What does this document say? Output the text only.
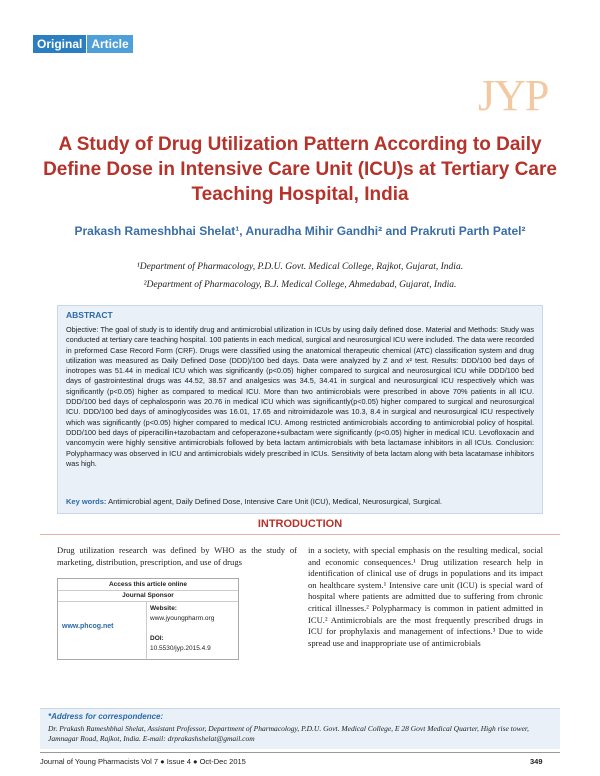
Original Article
JYP
A Study of Drug Utilization Pattern According to Daily Define Dose in Intensive Care Unit (ICU)s at Tertiary Care Teaching Hospital, India
Prakash Rameshbhai Shelat¹, Anuradha Mihir Gandhi² and Prakruti Parth Patel²
¹Department of Pharmacology, P.D.U. Govt. Medical College, Rajkot, Gujarat, India.
²Department of Pharmacology, B.J. Medical College, Ahmedabad, Gujarat, India.
ABSTRACT
Objective: The goal of study is to identify drug and antimicrobial utilization in ICUs by using daily defined dose. Material and Methods: Study was conducted at tertiary care teaching hospital. 100 patients in each medical, surgical and neurosurgical ICU were included. The data were recorded in preformed Case Record Form (CRF). Drugs were classified using the anatomical therapeutic chemical (ATC) classification system and drug utilization was measured as Daily Defined Dose (DDD)/100 bed days. Data were analyzed by Z and x² test. Results: DDD/100 bed days of inotropes was 51.44 in medical ICU which was significantly (p<0.05) higher compared to surgical and neurosurgical ICU while DDD/100 bed days of gastrointestinal drugs was 44.52, 38.57 and analgesics was 34.5, 34.41 in surgical and neurosurgical ICU respectively which was significantly (p<0.05) higher as compared to medical ICU. More than two antimicrobials were prescribed in above 70% patients in all ICU. DDD/100 bed days of cephalosporin was 20.76 in medical ICU which was significantly(p<0.05) higher compared to surgical and neurosurgical ICU. DDD/100 bed days of aminoglycosides was 16.01, 17.65 and nitroimidazole was 10.3, 8.4 in surgical and neurosurgical ICU respectively which was significantly (p<0.05) higher compared to medical ICU. Among restricted antimicrobials according to antimicrobial policy of hospital. DDD/100 bed days of piperacillin+tazobactam and cefoperazone+sulbactam were significantly (p<0.05) higher in medical ICU. Levofloxacin and vancomycin were highly sensitive antimicrobials followed by beta lactam antimicrobials with beta lactamase inhibitors in all ICUs. Conclusion: Polypharmacy was observed in ICU and antimicrobials widely prescribed in ICUs. Sensitivity of beta lactam along with beta lacatamase inhibitors was high.
Key words: Antimicrobial agent, Daily Defined Dose, Intensive Care Unit (ICU), Medical, Neurosurgical, Surgical.
INTRODUCTION
Drug utilization research was defined by WHO as the study of marketing, distribution, prescription, and use of drugs
Access this article online
Journal Sponsor
www.phcog.net
Website:
www.jyoungpharm.org
DOI:
10.5530/jyp.2015.4.9
in a society, with special emphasis on the resulting medical, social and economic consequences.¹ Drug utilization research help in identification of clinical use of drugs in populations and its impact on healthcare system.¹ Intensive care unit (ICU) is special ward of hospital where patients are admitted due to suffering from chronic critical illnesses.² Polypharmacy is common in patient admitted in ICU.² Antimicrobials are the most frequently prescribed drugs in ICU for prophylaxis and management of infections.³ Due to wide spread use and inappropriate use of antimicrobials
*Address for correspondence:
Dr. Prakash Rameshbhai Shelat, Assistant Professor, Department of Pharmacology, P.D.U. Govt. Medical College, E 28 Govt Medical Quarter, High rise tower, Jamnagar Road, Rajkot, India. E-mail: drprakashshelat@gmail.com
Journal of Young Pharmacists Vol 7 ● Issue 4 ● Oct-Dec 2015	349
